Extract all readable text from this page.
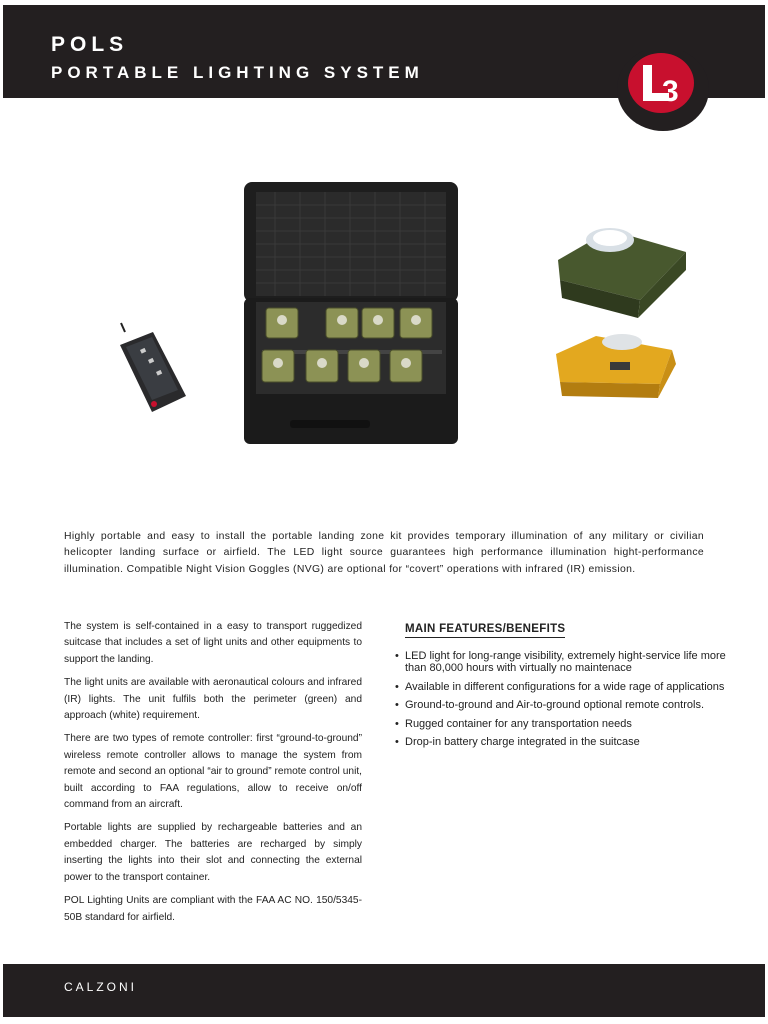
POLS
PORTABLE LIGHTING SYSTEM
3

Highly portable and easy to install the portable landing zone kit provides temporary illumination of any military or civilian helicopter landing surface or airfield. The LED light source guarantees high performance illumination hight-performance illumination. Compatible Night Vision Goggles (NVG) are optional for “covert” operations with infrared (IR) emission.

The system is self-contained in a easy to transport ruggedized suitcase that includes a set of light units and other equipments to support the landing.

The light units are available with aeronautical colours and infrared (IR) lights. The unit fulfils both the perimeter (green) and approach (white) requirement.

There are two types of remote controller: first “ground-to-ground” wireless remote controller allows to manage the system from remote and second an optional “air to ground” remote control unit, built according to FAA regulations, allow to receive on/off command from an aircraft.

Portable lights are supplied by rechargeable batteries and an embedded charger. The batteries are recharged by simply inserting the lights into their slot and connecting the external power to the transport container.

POL Lighting Units are compliant with the FAA AC NO. 150/5345-50B standard for airfield.

MAIN FEATURES/BENEFITS
• LED light for long-range visibility, extremely hight-service life more than 80,000 hours with virtually no maintenace
• Available in different configurations for a wide rage of applications
• Ground-to-ground and Air-to-ground optional remote controls.
• Rugged container for any transportation needs
• Drop-in battery charge integrated in the suitcase
CALZONI
